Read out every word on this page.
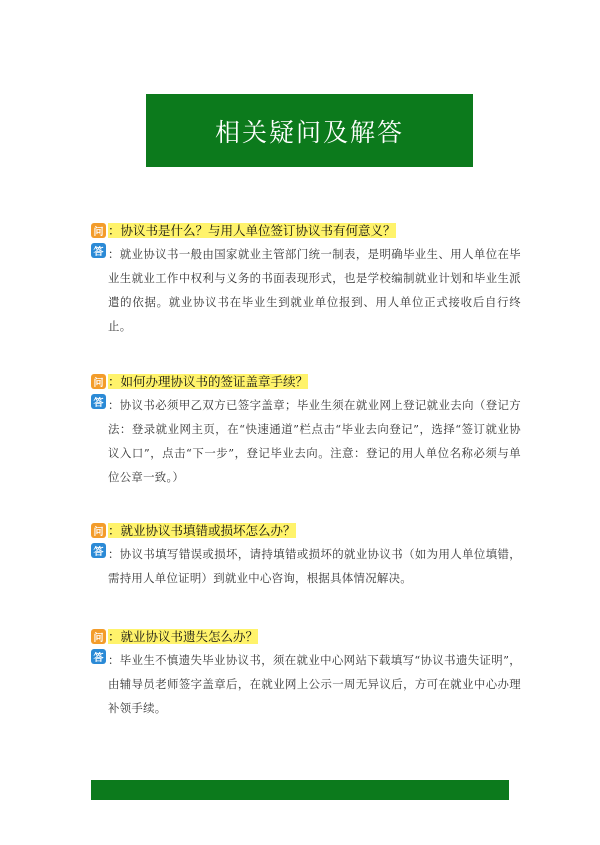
相关疑问及解答
问 ：协议书是什么？与用人单位签订协议书有何意义？
答 ：就业协议书一般由国家就业主管部门统一制表，是明确毕业生、用人单位在毕业生就业工作中权利与义务的书面表现形式，也是学校编制就业计划和毕业生派遣的依据。就业协议书在毕业生到就业单位报到、用人单位正式接收后自行终止。
问 ：如何办理协议书的签证盖章手续？
答 ：协议书必须甲乙双方已签字盖章；毕业生须在就业网上登记就业去向（登记方法：登录就业网主页，在“快速通道”栏点击“毕业去向登记”，选择“签订就业协议入口”，点击“下一步”，登记毕业去向。注意：登记的用人单位名称必须与单位公章一致。）
问 ：就业协议书填错或损坏怎么办？
答 ：协议书填写错误或损坏，请持填错或损坏的就业协议书（如为用人单位填错，需持用人单位证明）到就业中心咨询，根据具体情况解决。
问 ：就业协议书遗失怎么办？
答 ：毕业生不慎遗失毕业协议书，须在就业中心网站下载填写“协议书遗失证明”，由辅导员老师签字盖章后，在就业网上公示一周无异议后，方可在就业中心办理补领手续。
